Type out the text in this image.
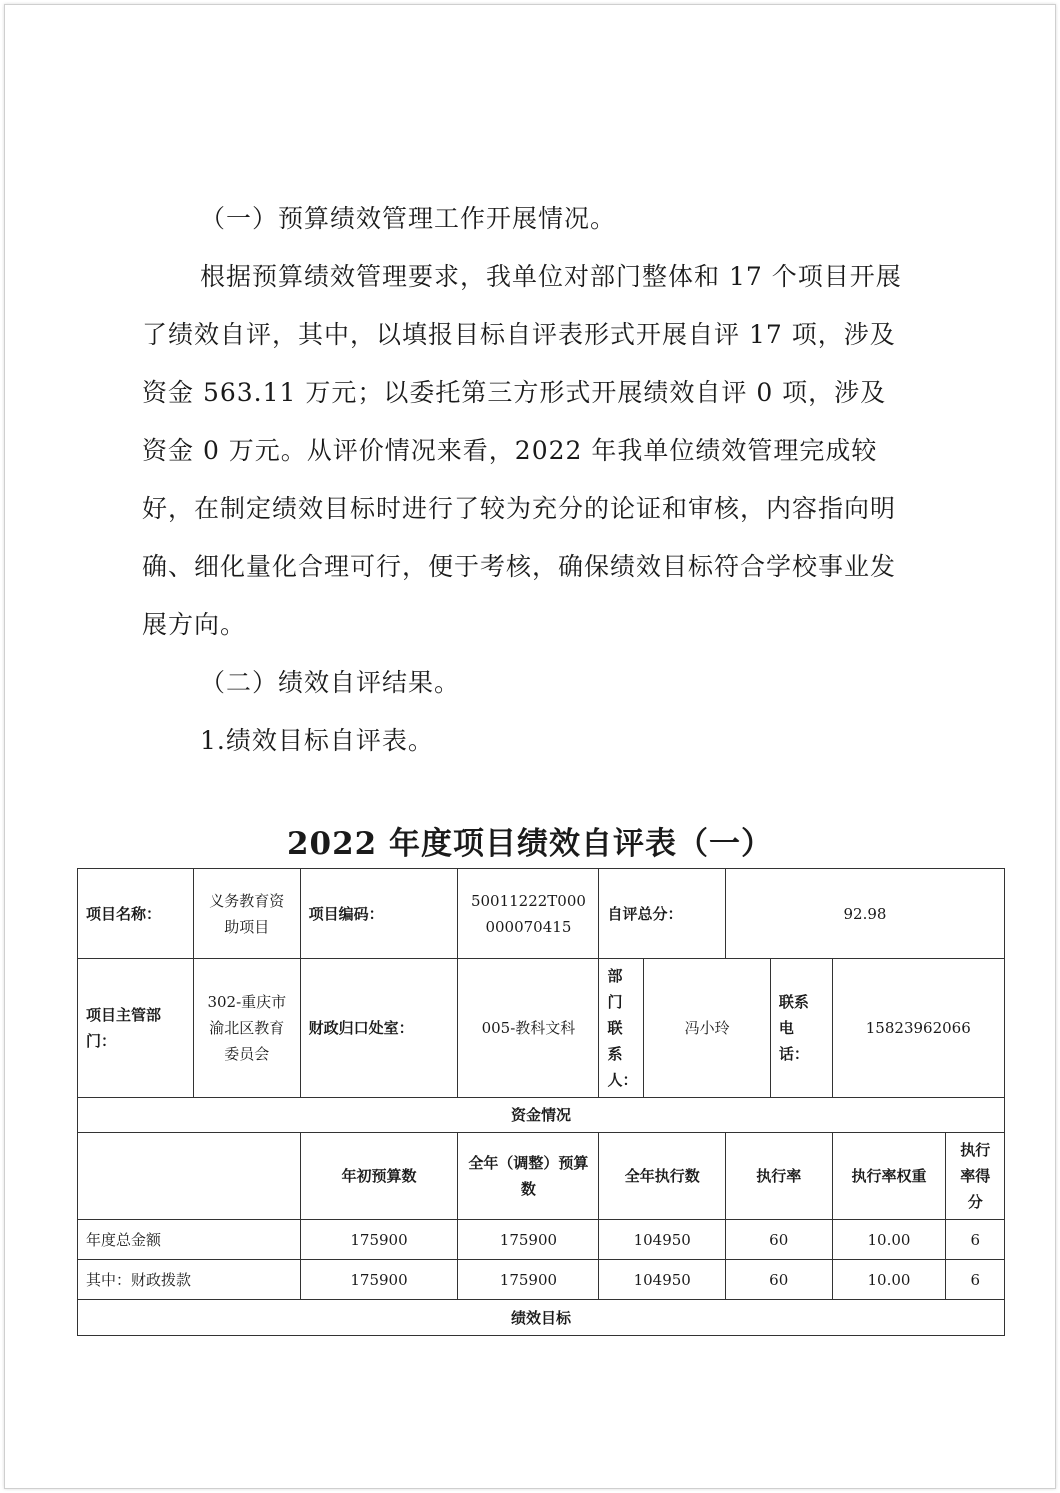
（一）预算绩效管理工作开展情况。

根据预算绩效管理要求，我单位对部门整体和 17 个项目开展了绩效自评，其中，以填报目标自评表形式开展自评 17 项，涉及资金 563.11 万元；以委托第三方形式开展绩效自评 0 项，涉及资金 0 万元。从评价情况来看，2022 年我单位绩效管理完成较好，在制定绩效目标时进行了较为充分的论证和审核，内容指向明确、细化量化合理可行，便于考核，确保绩效目标符合学校事业发展方向。

（二）绩效自评结果。

1.绩效目标自评表。

2022 年度项目绩效自评表（一）
项目名称：	义务教育资助项目	项目编码：	50011222T000000070415	自评总分：		92.98			
项目主管部门：	302-重庆市渝北区教育委员会	财政归口处室：	005-教科文科	部门联系人：	冯小玲		联系电话：	15823962066	
资金情况									
		年初预算数	全年（调整）预算数	全年执行数		执行率		执行率权重	执行率得分
年度总金额		175900	175900	104950		60		10.00	6
其中：财政拨款		175900	175900	104950		60		10.00	6
绩效目标									
